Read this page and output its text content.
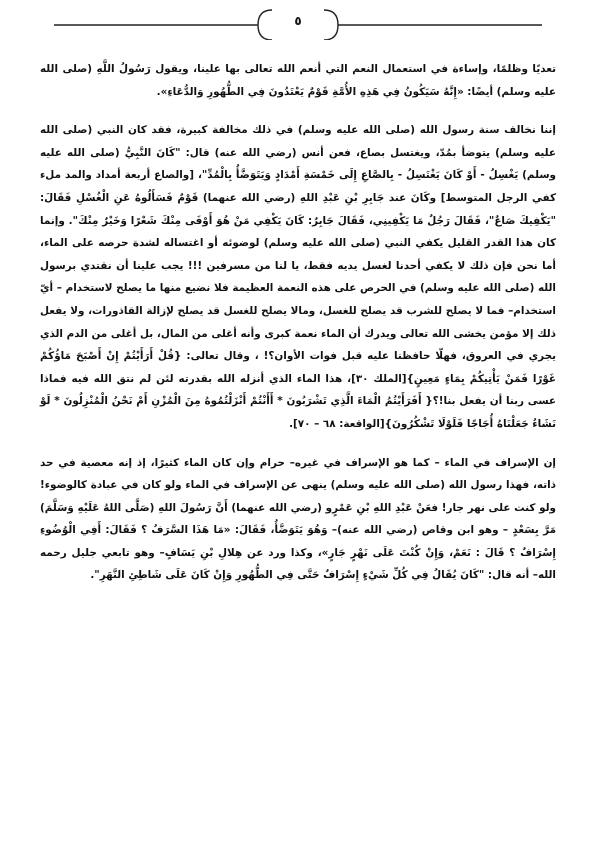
٥

تعديًا وظلمًا، وإساءة في استعمال النعم التي أنعم الله تعالى بها علينا، ويقول رَسُولُ اللَّهِ (صلى الله عليه وسلم) أيضًا: «إِنَّهُ سَيَكُونُ فِي هَذِهِ الأُمَّةِ قَوْمٌ يَعْتَدُونَ فِي الطُّهُورِ وَالدُّعَاءِ».

إننا نخالف سنة رسول الله (صلى الله عليه وسلم) في ذلك مخالفة كبيرة، فقد كان النبي (صلى الله عليه وسلم) يتوضأ بمُدّ، ويغتسل بصاع، فعن أنس (رضي الله عنه) قال: "كَانَ النَّبِيُّ (صلى الله عليه وسلم) يَغْسِلُ - أَوْ كَانَ يَغْتَسِلُ - بِالصَّاعِ إِلَى خَمْسَةِ أَمْدَادٍ وَيَتَوَضَّأُ بِالْمُدِّ"، [والصاع أربعة أمداد والمد ملء كفي الرجل المتوسط] وكَانَ عند جَابِرِ بْنِ عَبْدِ اللهِ (رضي الله عنهما) قَوْمٌ فَسَأَلُوهُ عَنِ الْغُسْلِ فَقَالَ: "يَكْفِيكَ صَاعٌ"، فَقَالَ رَجُلٌ مَا يَكْفِينِي، فَقَالَ جَابِرٌ: كَانَ يَكْفِي مَنْ هُوَ أَوْفَى مِنْكَ شَعْرًا وَخَيْرٌ مِنْكَ". وإنما كان هذا القدر القليل يكفي النبي (صلى الله عليه وسلم) لوضوئه أو اغتساله لشدة حرصه على الماء، أما نحن فإن ذلك لا يكفي أحدنا لغسل يديه فقط، يا لنا من مسرفين !!! يجب علينا أن نقتدي برسول الله (صلى الله عليه وسلم) في الحرص على هذه النعمة العظيمة فلا نضيع منها ما يصلح لاستخدام – أيّ استخدام– فما لا يصلح للشرب قد يصلح للغسل، ومالا يصلح للغسل قد يصلح لإزالة القاذورات، ولا يفعل ذلك إلا مؤمن يخشى الله تعالى ويدرك أن الماء نعمة كبرى وأنه أغلى من المال، بل أغلى من الدم الذي يجري في العروق، فهلّا حافظنا عليه قبل فوات الأوان؟! ، وقال تعالى: {قُلْ أَرَأَيْتُمْ إِنْ أَصْبَحَ مَاؤُكُمْ غَوْرًا فَمَنْ يَأْتِيكُمْ بِمَاءٍ مَعِينٍ}[الملك ٣٠]، هذا الماء الذي أنزله الله بقدرته لئن لم نتق الله فيه فماذا عسى ربنا أن يفعل بنا!؟{ أَفَرَأَيْتُمُ الْمَاءَ الَّذِي تَشْرَبُونَ * أَأَنْتُمْ أَنْزَلْتُمُوهُ مِنَ الْمُزْنِ أَمْ نَحْنُ الْمُنْزِلُونَ * لَوْ نَشَاءُ جَعَلْنَاهُ أُجَاجًا فَلَوْلَا تَشْكُرُونَ}[الواقعة: ٦٨ – ٧٠].

إن الإسراف في الماء – كما هو الإسراف في غيره– حرام وإن كان الماء كثيرًا، إذ إنه معصية في حد ذاته، فهذا رسول الله (صلى الله عليه وسلم) ينهى عن الإسراف في الماء ولو كان في عبادة كالوضوء! ولو كنت على نهر جار! فعَنْ عَبْدِ اللهِ بْنِ عَمْرٍو (رضي الله عنهما) أَنَّ رَسُولَ اللهِ (صَلَّى اللهُ عَلَيْهِ وَسَلَّمَ) مَرَّ بِسَعْدٍ – وهو ابن وقاص (رضي الله عنه)– وَهُوَ يَتَوَضَّأُ، فَقَالَ: «مَا هَذَا السَّرَفُ ؟ فَقَالَ: أَفِي الْوُضُوءِ إِسْرَافٌ ؟ قَالَ : نَعَمْ، وَإِنْ كُنْتَ عَلَى نَهْرٍ جَارٍ»، وكذا ورد عن هِلالِ بْنِ يَسَافٍ– وهو تابعي جليل رحمه الله– أنه قال: "كَانَ يُقَالُ فِي كُلِّ شَيْءٍ إِسْرَافٌ حَتَّى فِي الطُّهُورِ وَإِنْ كَانَ عَلَى شَاطِئِ النَّهَرِ".
